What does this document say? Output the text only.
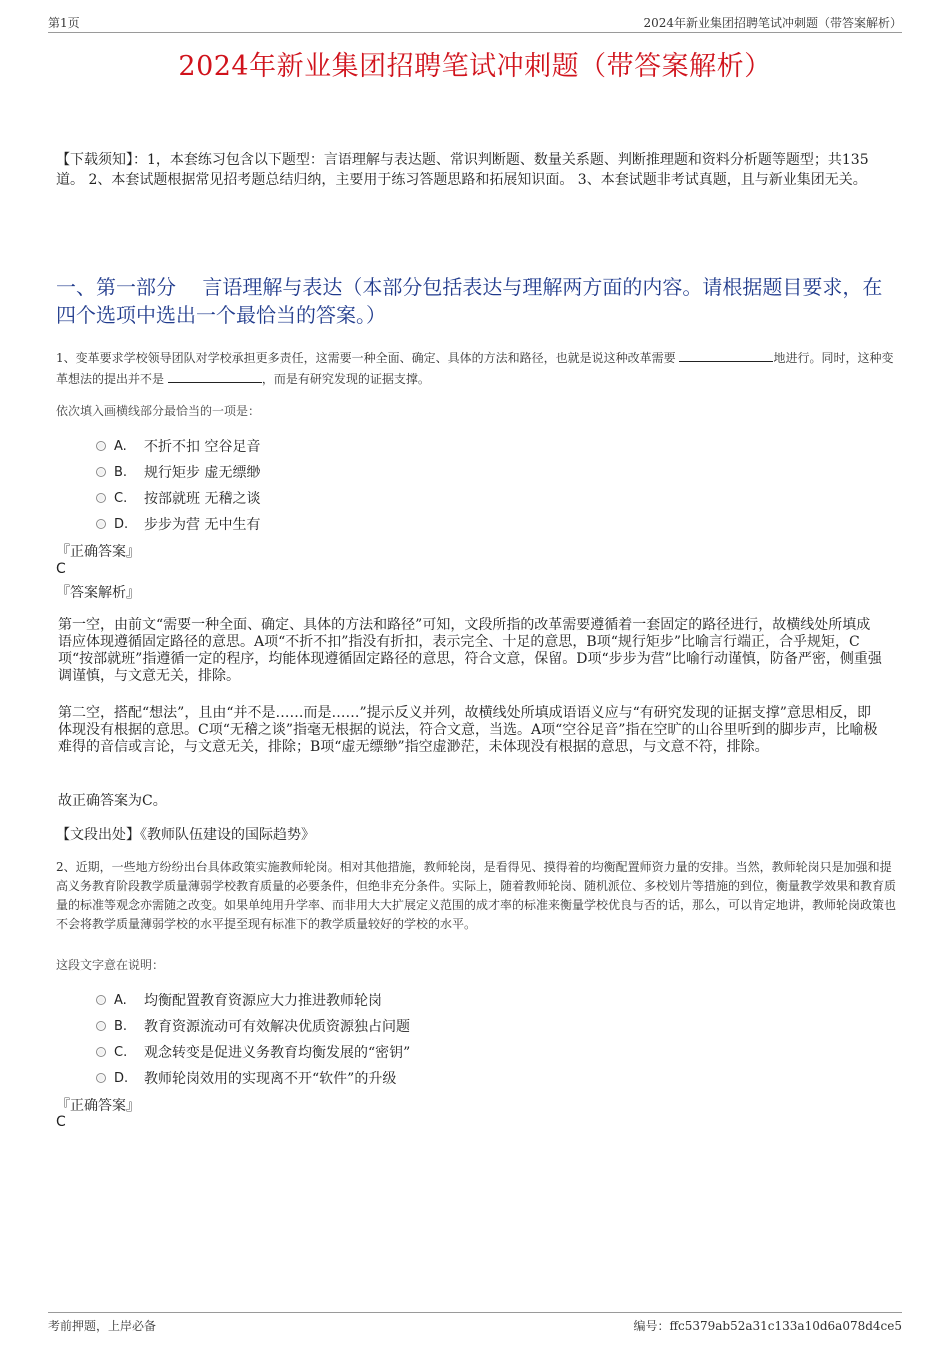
第1页	2024年新业集团招聘笔试冲刺题（带答案解析）
2024年新业集团招聘笔试冲刺题（带答案解析）
【下载须知】：1，本套练习包含以下题型：言语理解与表达题、常识判断题、数量关系题、判断推理题和资料分析题等题型；共135道。 2、本套试题根据常见招考题总结归纳，主要用于练习答题思路和拓展知识面。 3、本套试题非考试真题，且与新业集团无关。
一、第一部分　 言语理解与表达（本部分包括表达与理解两方面的内容。请根据题目要求，在四个选项中选出一个最恰当的答案。）
1、变革要求学校领导团队对学校承担更多责任，这需要一种全面、确定、具体的方法和路径，也就是说这种改革需要	地进行。同时，这种变革想法的提出并不是	，而是有研究发现的证据支撑。
依次填入画横线部分最恰当的一项是：
A.	不折不扣 空谷足音
B.	规行矩步 虚无缥缈
C.	按部就班 无稽之谈
D.	步步为营 无中生有
『正确答案』
C
『答案解析』

第一空，由前文“需要一种全面、确定、具体的方法和路径”可知，文段所指的改革需要遵循着一套固定的路径进行，故横线处所填成语应体现遵循固定路径的意思。A项“不折不扣”指没有折扣，表示完全、十足的意思，B项“规行矩步”比喻言行端正，合乎规矩，C项“按部就班”指遵循一定的程序，均能体现遵循固定路径的意思，符合文意，保留。D项“步步为营”比喻行动谨慎，防备严密，侧重强调谨慎，与文意无关，排除。

第二空，搭配“想法”，且由“并不是……而是……”提示反义并列，故横线处所填成语语义应与“有研究发现的证据支撑”意思相反，即体现没有根据的意思。C项“无稽之谈”指毫无根据的说法，符合文意，当选。A项“空谷足音”指在空旷的山谷里听到的脚步声，比喻极难得的音信或言论，与文意无关，排除；B项“虚无缥缈”指空虚渺茫，未体现没有根据的意思，与文意不符，排除。

故正确答案为C。

【文段出处】《教师队伍建设的国际趋势》

2、近期，一些地方纷纷出台具体政策实施教师轮岗。相对其他措施，教师轮岗，是看得见、摸得着的均衡配置师资力量的安排。当然，教师轮岗只是加强和提高义务教育阶段教学质量薄弱学校教育质量的必要条件，但绝非充分条件。实际上，随着教师轮岗、随机派位、多校划片等措施的到位，衡量教学效果和教育质量的标准等观念亦需随之改变。如果单纯用升学率、而非用大大扩展定义范围的成才率的标准来衡量学校优良与否的话，那么，可以肯定地讲，教师轮岗政策也不会将教学质量薄弱学校的水平提至现有标准下的教学质量较好的学校的水平。
这段文字意在说明：
A.	均衡配置教育资源应大力推进教师轮岗
B.	教育资源流动可有效解决优质资源独占问题
C.	观念转变是促进义务教育均衡发展的“密钥”
D.	教师轮岗效用的实现离不开“软件”的升级
『正确答案』
C
考前押题，上岸必备	编号：ffc5379ab52a31c133a10d6a078d4ce5
